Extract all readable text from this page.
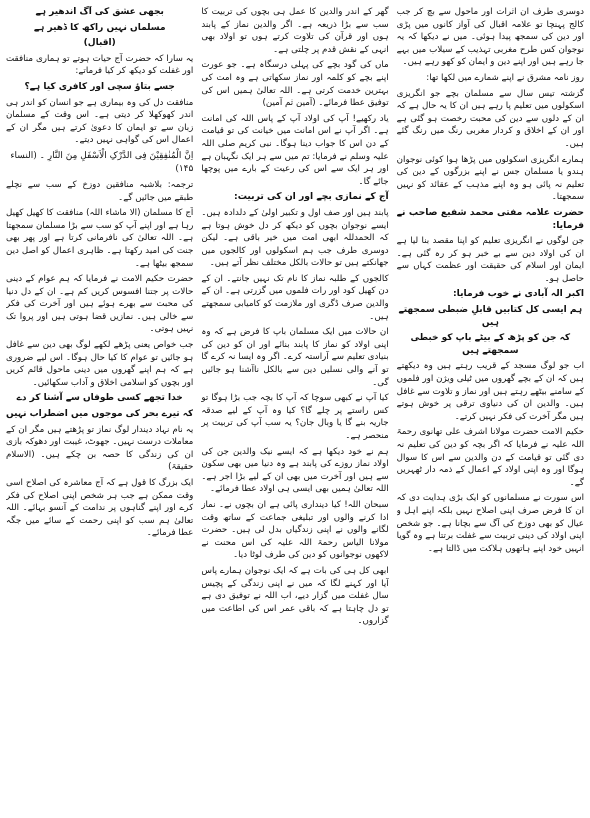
دوسری طرف ان اثرات اور ماحول سے بچ کر جب کالج پہنچا تو علامہ اقبال کی آواز کانوں میں پڑی اور دین کی سمجھ پیدا ہوئی۔ میں نے دیکھا کہ یہ نوجوان کس طرح مغربی تہذیب کے سیلاب میں بہے جا رہے ہیں اور اپنے دین و ایمان کو کھو رہے ہیں۔

روز نامہ مشرق نے اپنے شمارے میں لکھا تھا:

گزشتہ تیس سال سے مسلمان بچے جو انگریزی اسکولوں میں تعلیم پا رہے ہیں ان کا یہ حال ہے کہ ان کے دلوں سے دین کی محبت رخصت ہو گئی ہے اور ان کے اخلاق و کردار مغربی رنگ میں رنگ گئے ہیں۔

ہمارے انگریزی اسکولوں میں پڑھا ہوا کوئی نوجوان ہندو یا مسلمان جس نے اپنے بزرگوں کے دین کی تعلیم نہ پائی ہو وہ اپنے مذہب کے عقائد کو نہیں سمجھتا۔

حضرت علامہ مفتی محمد شفیع صاحب نے فرمایا:

جن لوگوں نے انگریزی تعلیم کو اپنا مقصد بنا لیا ہے ان کی اولاد دین سے بے خبر ہو کر رہ گئی ہے۔ ایمان اور اسلام کی حقیقت اور عظمت کہاں سے حاصل ہو۔

اکبر الہ آبادی نے خوب فرمایا:

ہم ایسی کل کتابیں قابلِ ضبطی سمجھتے ہیں

کہ جن کو پڑھ کے بیٹے باپ کو خبطی سمجھتے ہیں

اب جو لوگ مسجد کے قریب رہتے ہیں وہ دیکھتے ہیں کہ ان کے بچے گھروں میں ٹیلی ویژن اور فلموں کے سامنے بیٹھے رہتے ہیں اور نماز و تلاوت سے غافل ہیں۔ والدین ان کی دنیاوی ترقی پر خوش ہوتے ہیں مگر آخرت کی فکر نہیں کرتے۔

حکیم الامت حضرت مولانا اشرف علی تھانوی رحمۃ اللہ علیہ نے فرمایا کہ اگر بچہ کو دین کی تعلیم نہ دی گئی تو قیامت کے دن والدین سے اس کا سوال ہوگا اور وہ اپنی اولاد کے اعمال کے ذمہ دار ٹھہریں گے۔

اس سورت نے مسلمانوں کو ایک بڑی ہدایت دی کہ ان کا فرض صرف اپنی اصلاح نہیں بلکہ اپنے اہل و عیال کو بھی دوزخ کی آگ سے بچانا ہے۔ جو شخص اپنی اولاد کی دینی تربیت سے غفلت برتتا ہے وہ گویا انہیں خود اپنے ہاتھوں ہلاکت میں ڈالتا ہے۔

گھر کے اندر والدین کا عمل ہی بچوں کی تربیت کا سب سے بڑا ذریعہ ہے۔ اگر والدین نماز کے پابند ہوں اور قرآن کی تلاوت کرتے ہوں تو اولاد بھی انہی کے نقش قدم پر چلتی ہے۔

ماں کی گود بچے کی پہلی درسگاہ ہے۔ جو عورت اپنے بچے کو کلمہ اور نماز سکھاتی ہے وہ امت کی بہترین خدمت کرتی ہے۔ اللہ تعالیٰ ہمیں اس کی توفیق عطا فرمائے۔ (آمین ثم آمین)

یاد رکھیے! آپ کی اولاد آپ کے پاس اللہ کی امانت ہے۔ اگر آپ نے اس امانت میں خیانت کی تو قیامت کے دن اس کا جواب دینا ہوگا۔ نبی کریم صلی اللہ علیہ وسلم نے فرمایا: تم میں سے ہر ایک نگہبان ہے اور ہر ایک سے اس کی رعیت کے بارے میں پوچھا جائے گا۔

آج کے نمازی بچے اور ان کی تربیت:

پابند ہیں اور صف اول و تکبیر اولیٰ کے دلدادہ ہیں۔ ایسے نوجوان بچوں کو دیکھ کر دل خوش ہوتا ہے کہ الحمدللہ ابھی امت میں خیر باقی ہے۔ لیکن دوسری طرف جب ہم اسکولوں اور کالجوں میں جھانکتے ہیں تو حالات بالکل مختلف نظر آتے ہیں۔

کالجوں کے طلبہ نماز کا نام تک نہیں جانتے۔ ان کے دن کھیل کود اور رات فلموں میں گزرتی ہے۔ ان کے والدین صرف ڈگری اور ملازمت کو کامیابی سمجھتے ہیں۔

ان حالات میں ایک مسلمان باپ کا فرض ہے کہ وہ اپنی اولاد کو نماز کا پابند بنائے اور ان کو دین کی بنیادی تعلیم سے آراستہ کرے۔ اگر وہ ایسا نہ کرے گا تو آنے والی نسلیں دین سے بالکل ناآشنا ہو جائیں گی۔

کیا آپ نے کبھی سوچا کہ آپ کا بچہ جب بڑا ہوگا تو کس راستے پر چلے گا؟ کیا وہ آپ کے لیے صدقہ جاریہ بنے گا یا وبال جان؟ یہ سب آپ کی تربیت پر منحصر ہے۔

ہم نے خود دیکھا ہے کہ ایسے نیک والدین جن کی اولاد نماز روزے کی پابند ہے وہ دنیا میں بھی سکون سے ہیں اور آخرت میں بھی ان کے لیے بڑا اجر ہے۔ اللہ تعالیٰ ہمیں بھی ایسی ہی اولاد عطا فرمائے۔

سبحان اللہ! کیا دینداری پائی ہے ان بچوں نے۔ نماز ادا کرنے والوں اور تبلیغی جماعت کے ساتھ وقت لگانے والوں نے اپنی زندگیاں بدل لی ہیں۔ حضرت مولانا الیاس رحمۃ اللہ علیہ کی اس محنت نے لاکھوں نوجوانوں کو دین کی طرف لوٹا دیا۔

ابھی کل ہی کی بات ہے کہ ایک نوجوان ہمارے پاس آیا اور کہنے لگا کہ میں نے اپنی زندگی کے پچیس سال غفلت میں گزار دیے، اب اللہ نے توفیق دی ہے تو دل چاہتا ہے کہ باقی عمر اس کی اطاعت میں گزاروں۔

بجھی عشق کی آگ اندھیر ہے

مسلماں نہیں راکھ کا ڈھیر ہے

(اقبال)

یہ سارا کہ حضرت آج حیات ہوتے تو ہماری منافقت اور غفلت کو دیکھ کر کیا فرماتے:

جسے بتاؤ سچی اور کافری کیا ہے؟

منافقت دل کی وہ بیماری ہے جو انسان کو اندر ہی اندر کھوکھلا کر دیتی ہے۔ اس وقت کے مسلمان زبان سے تو ایمان کا دعویٰ کرتے ہیں مگر ان کے اعمال اس کی گواہی نہیں دیتے۔

اِنَّ الْمُنٰفِقِیْنَ فِی الدَّرْکِ الْاَسْفَلِ مِنَ النَّارِ ۔ (النساء ۱۴۵)

ترجمہ: بلاشبہ منافقین دوزخ کے سب سے نچلے طبقے میں جائیں گے۔

آج کا مسلمان (الا ماشاء اللہ) منافقت کا کھیل کھیل رہا ہے اور اپنے آپ کو سب سے بڑا مسلمان سمجھتا ہے۔ اللہ تعالیٰ کی نافرمانی کرتا ہے اور پھر بھی جنت کی امید رکھتا ہے۔ ظاہری اعمال کو اصل دین سمجھ بیٹھا ہے۔

حضرت حکیم الامت نے فرمایا کہ ہم عوام کے دینی حالات پر جتنا افسوس کریں کم ہے۔ ان کے دل دنیا کی محبت سے بھرے ہوئے ہیں اور آخرت کی فکر سے خالی ہیں۔ نمازیں قضا ہوتی ہیں اور پروا تک نہیں ہوتی۔

جب خواص یعنی پڑھے لکھے لوگ بھی دین سے غافل ہو جائیں تو عوام کا کیا حال ہوگا۔ اس لیے ضروری ہے کہ ہم اپنے گھروں میں دینی ماحول قائم کریں اور بچوں کو اسلامی اخلاق و آداب سکھائیں۔

خدا تجھے کسی طوفاں سے آشنا کر دے

کہ تیرے بحر کی موجوں میں اضطراب نہیں

یہ نام نہاد دیندار لوگ نماز تو پڑھتے ہیں مگر ان کے معاملات درست نہیں۔ جھوٹ، غیبت اور دھوکہ بازی ان کی زندگی کا حصہ بن چکے ہیں۔ (الاسلام حقیقۃ)

ایک بزرگ کا قول ہے کہ آج معاشرہ کی اصلاح اسی وقت ممکن ہے جب ہر شخص اپنی اصلاح کی فکر کرے اور اپنے گناہوں پر ندامت کے آنسو بہائے۔ اللہ تعالیٰ ہم سب کو اپنی رحمت کے سائے میں جگہ عطا فرمائے۔
